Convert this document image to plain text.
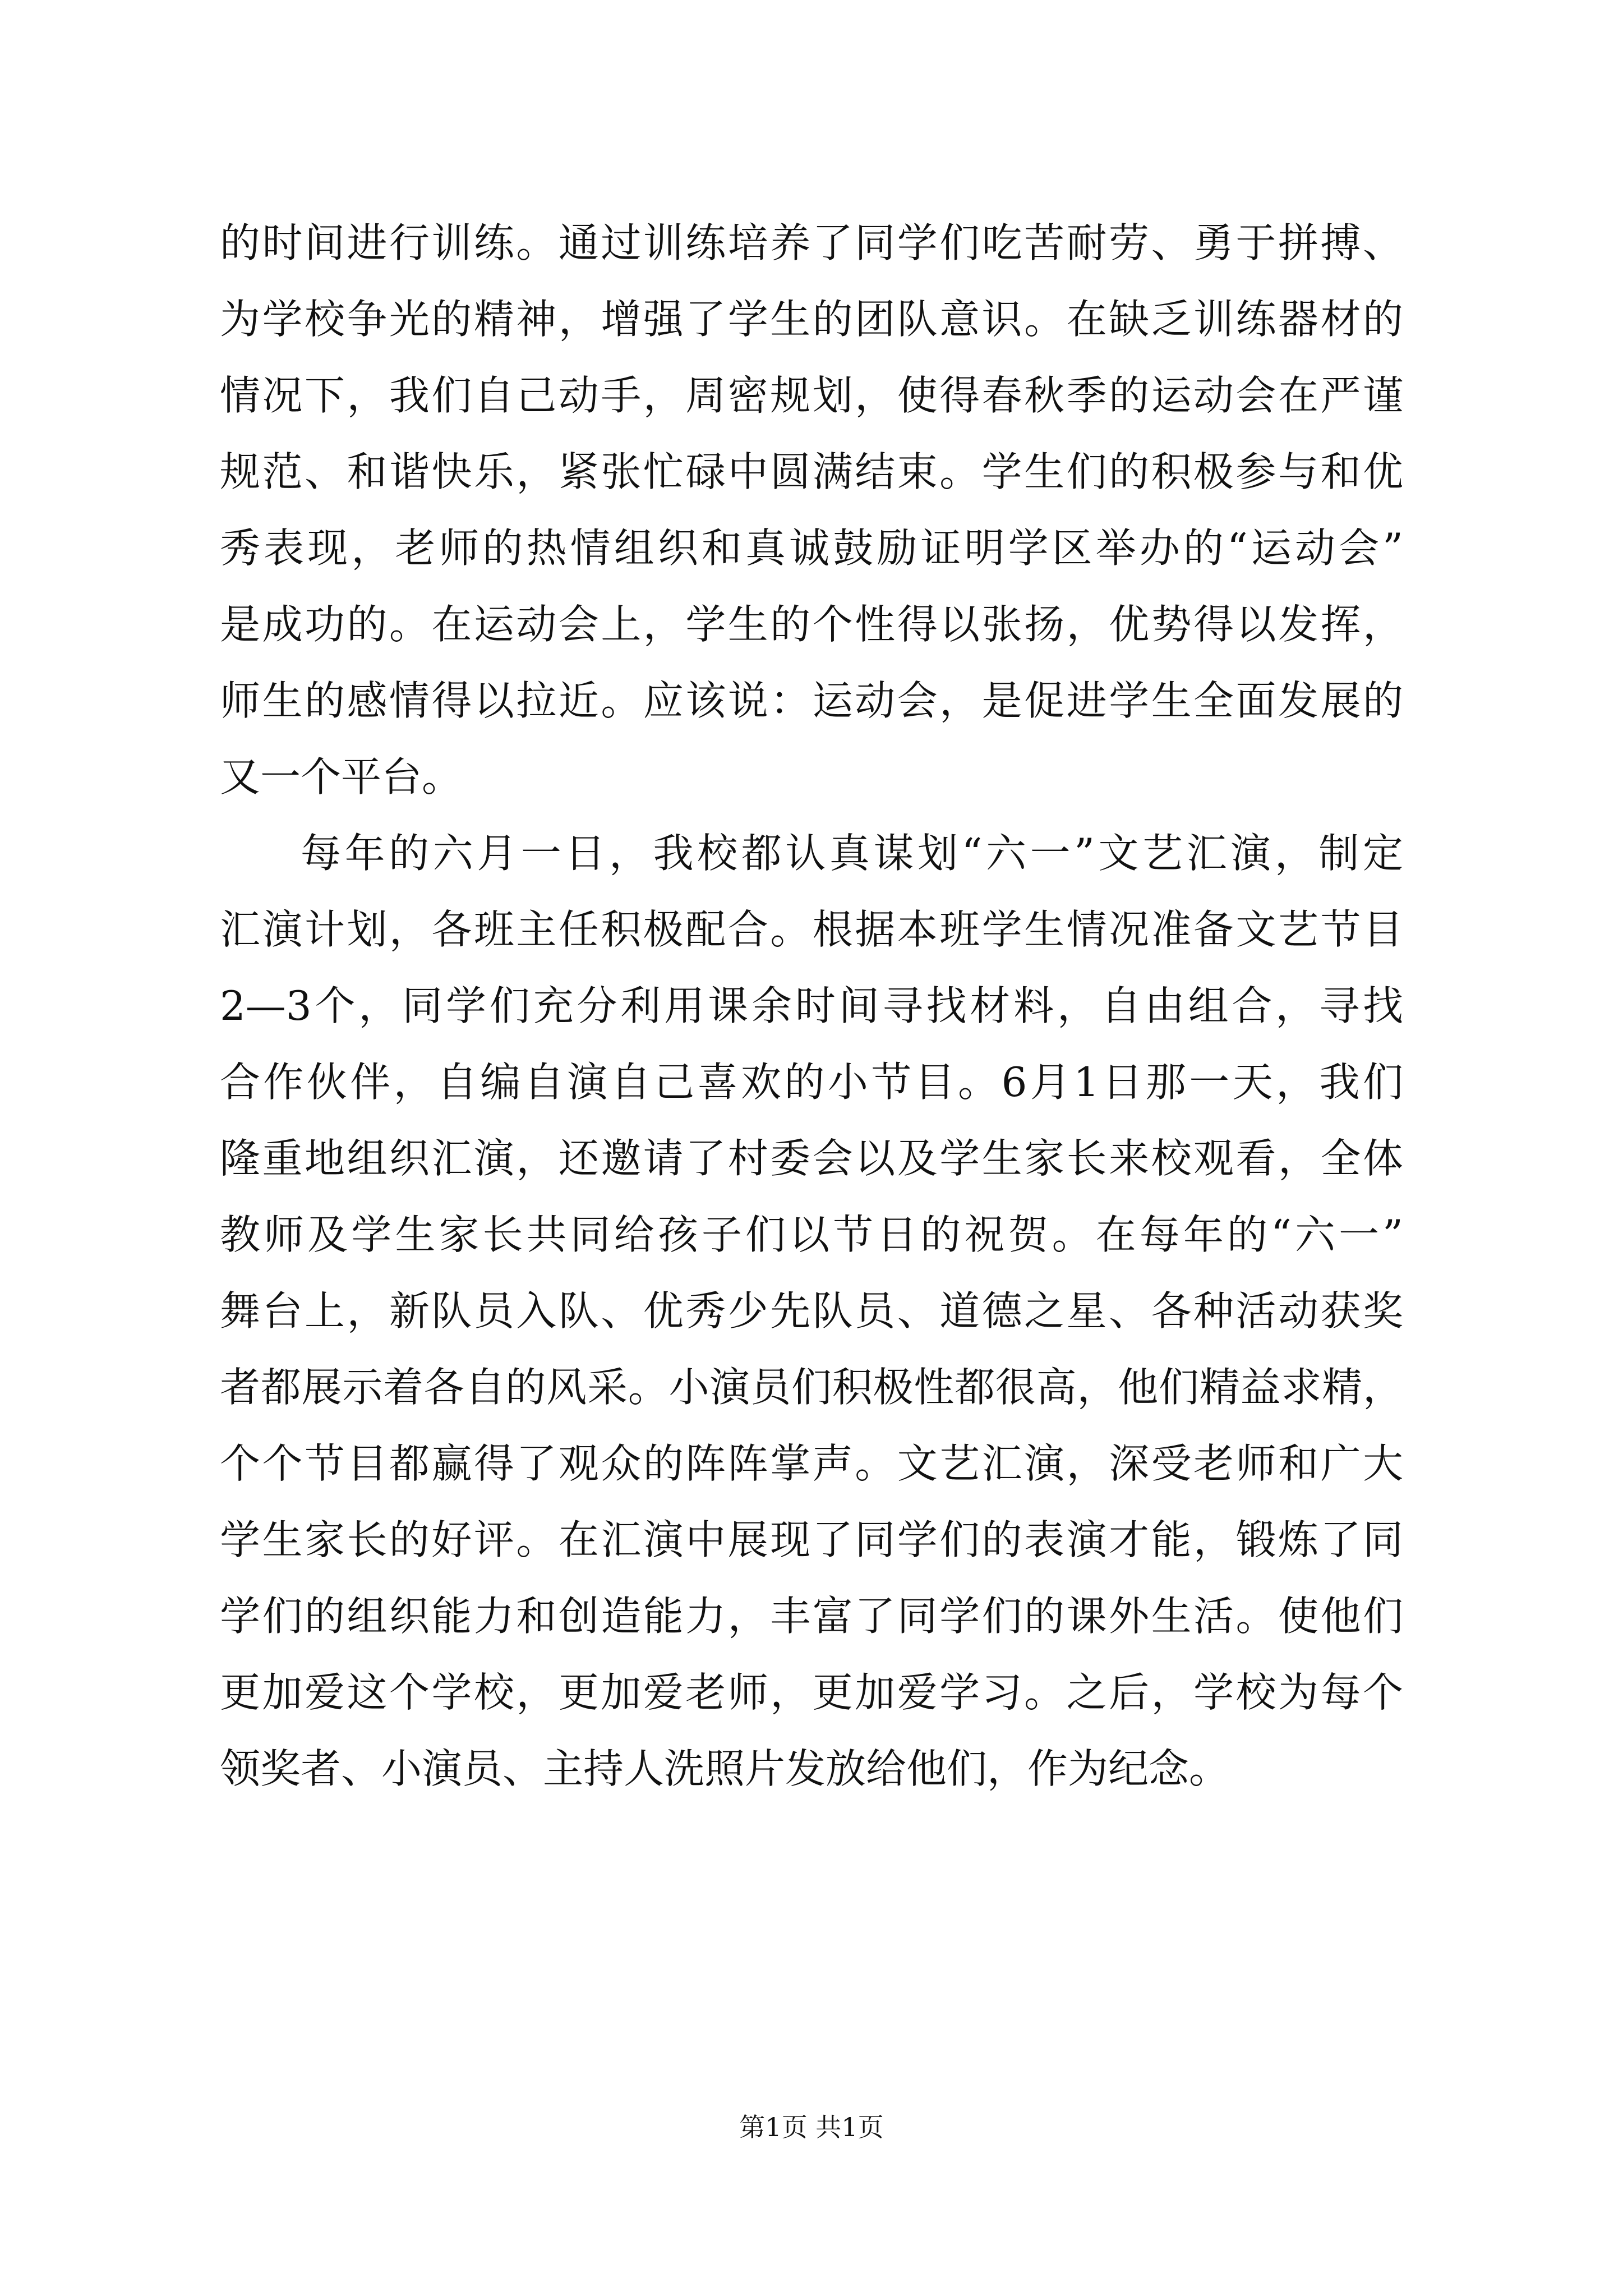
的时间进行训练。通过训练培养了同学们吃苦耐劳、勇于拼搏、
为学校争光的精神，增强了学生的团队意识。在缺乏训练器材的
情况下，我们自己动手，周密规划，使得春秋季的运动会在严谨
规范、和谐快乐，紧张忙碌中圆满结束。学生们的积极参与和优
秀表现，老师的热情组织和真诚鼓励证明学区举办的“运动会”
是成功的。在运动会上，学生的个性得以张扬，优势得以发挥，
师生的感情得以拉近。应该说：运动会，是促进学生全面发展的
又一个平台。
每年的六月一日，我校都认真谋划“六一”文艺汇演，制定
汇演计划，各班主任积极配合。根据本班学生情况准备文艺节目
2—3个，同学们充分利用课余时间寻找材料，自由组合，寻找
合作伙伴，自编自演自己喜欢的小节目。6月1日那一天，我们
隆重地组织汇演，还邀请了村委会以及学生家长来校观看，全体
教师及学生家长共同给孩子们以节日的祝贺。在每年的“六一”
舞台上，新队员入队、优秀少先队员、道德之星、各种活动获奖
者都展示着各自的风采。小演员们积极性都很高，他们精益求精，
个个节目都赢得了观众的阵阵掌声。文艺汇演，深受老师和广大
学生家长的好评。在汇演中展现了同学们的表演才能，锻炼了同
学们的组织能力和创造能力，丰富了同学们的课外生活。使他们
更加爱这个学校，更加爱老师，更加爱学习。之后，学校为每个
领奖者、小演员、主持人洗照片发放给他们，作为纪念。
第1页 共1页
